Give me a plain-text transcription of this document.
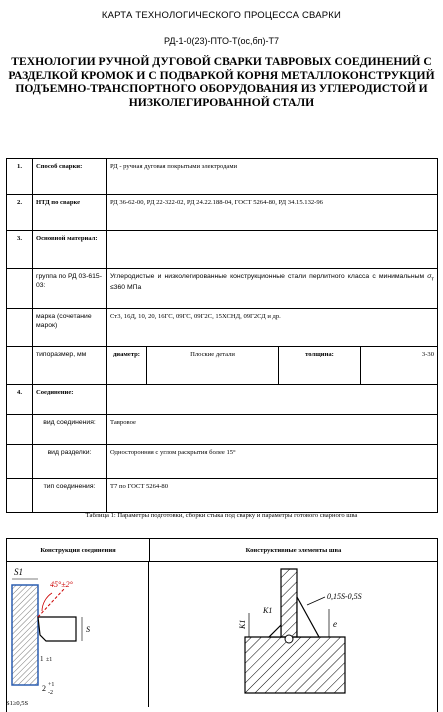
КАРТА ТЕХНОЛОГИЧЕСКОГО ПРОЦЕССА СВАРКИ
РД-1-0(23)-ПТО-Т(ос,бп)-Т7
ТЕХНОЛОГИИ РУЧНОЙ ДУГОВОЙ СВАРКИ ТАВРОВЫХ СОЕДИНЕНИЙ С РАЗДЕЛКОЙ КРОМОК И С ПОДВАРКОЙ КОРНЯ МЕТАЛЛОКОНСТРУКЦИЙ ПОДЪЕМНО-ТРАНСПОРТНОГО ОБОРУДОВАНИЯ ИЗ УГЛЕРОДИСТОЙ И НИЗКОЛЕГИРОВАННОЙ СТАЛИ
· · · · · ·
1.	Способ сварки:	РД - ручная дуговая покрытыми электродами			
2.	НТД по сварке	РД 36-62-00, РД 22-322-02, РД 24.22.188-04, ГОСТ 5264-80, РД 34.15.132-96			
3.	Основной материал:				
	группа по РД 03-615-03:	Углеродистые и низколегированные конструкционные стали перлитного класса с минимальным $\sigma_т \le 360$ МПа			
	марка (сочетание марок)	Ст3, 16Д, 10, 20, 16ГС, 09ГС, 09Г2С, 15ХСНД, 09Г2СД и др.			
	типоразмер, мм	диаметр:	Плоские детали	толщина:	3-30
4.	Соединение:				
	вид соединения:	Тавровое			
	вид разделки:	Односторонняя с углом раскрытия более 15°			
	тип соединения:	Т7 по ГОСТ 5264-80			
Таблица 1: Параметры подготовки, сборки стыка под сварку и параметры готового сварного шва
Конструкция соединения	Конструктивные элементы шва
S1
45°±2°
S
1 ±1
2 +1
-2
K1
K1
0,15S-0,5S
e
S1≥0,5S
